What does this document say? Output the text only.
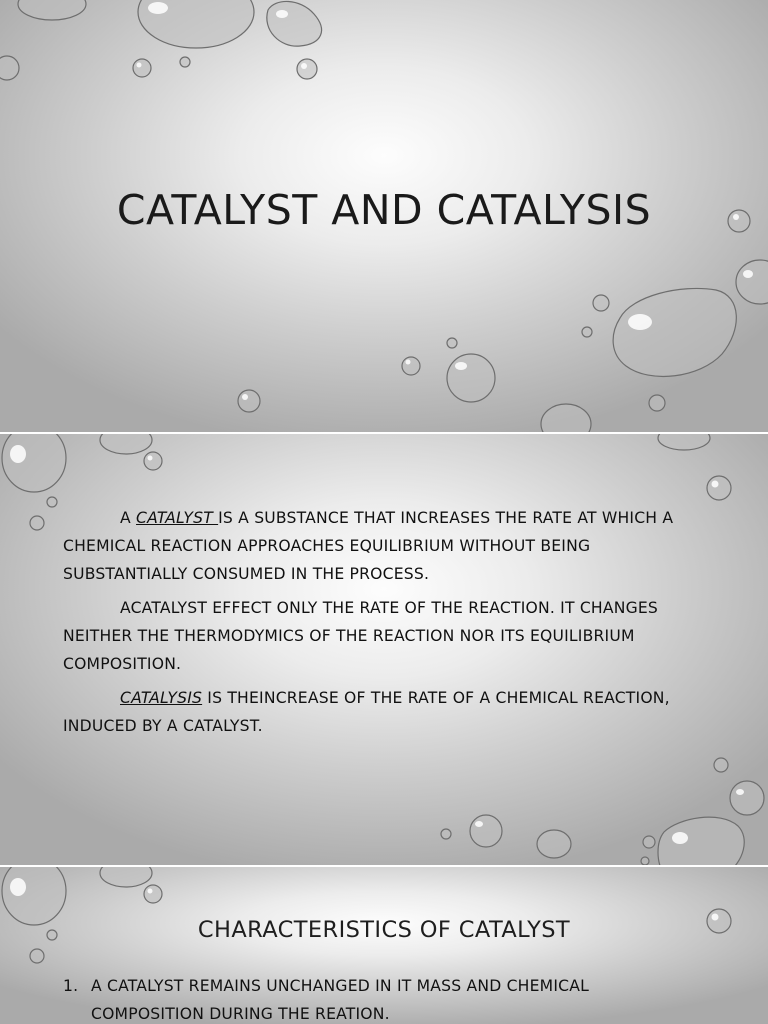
CATALYST AND CATALYSIS

A CATALYST IS A SUBSTANCE THAT INCREASES THE RATE AT WHICH A CHEMICAL REACTION APPROACHES EQUILIBRIUM WITHOUT BEING SUBSTANTIALLY CONSUMED IN THE PROCESS.

ACATALYST EFFECT ONLY THE RATE OF THE REACTION. IT CHANGES NEITHER THE THERMODYMICS OF THE REACTION NOR ITS EQUILIBRIUM COMPOSITION.

CATALYSIS IS THEINCREASE OF THE RATE OF A CHEMICAL REACTION, INDUCED BY A CATALYST.

CHARACTERISTICS OF CATALYST
1. A CATALYST REMAINS UNCHANGED IN IT MASS AND CHEMICAL
COMPOSITION DURING THE REATION.
